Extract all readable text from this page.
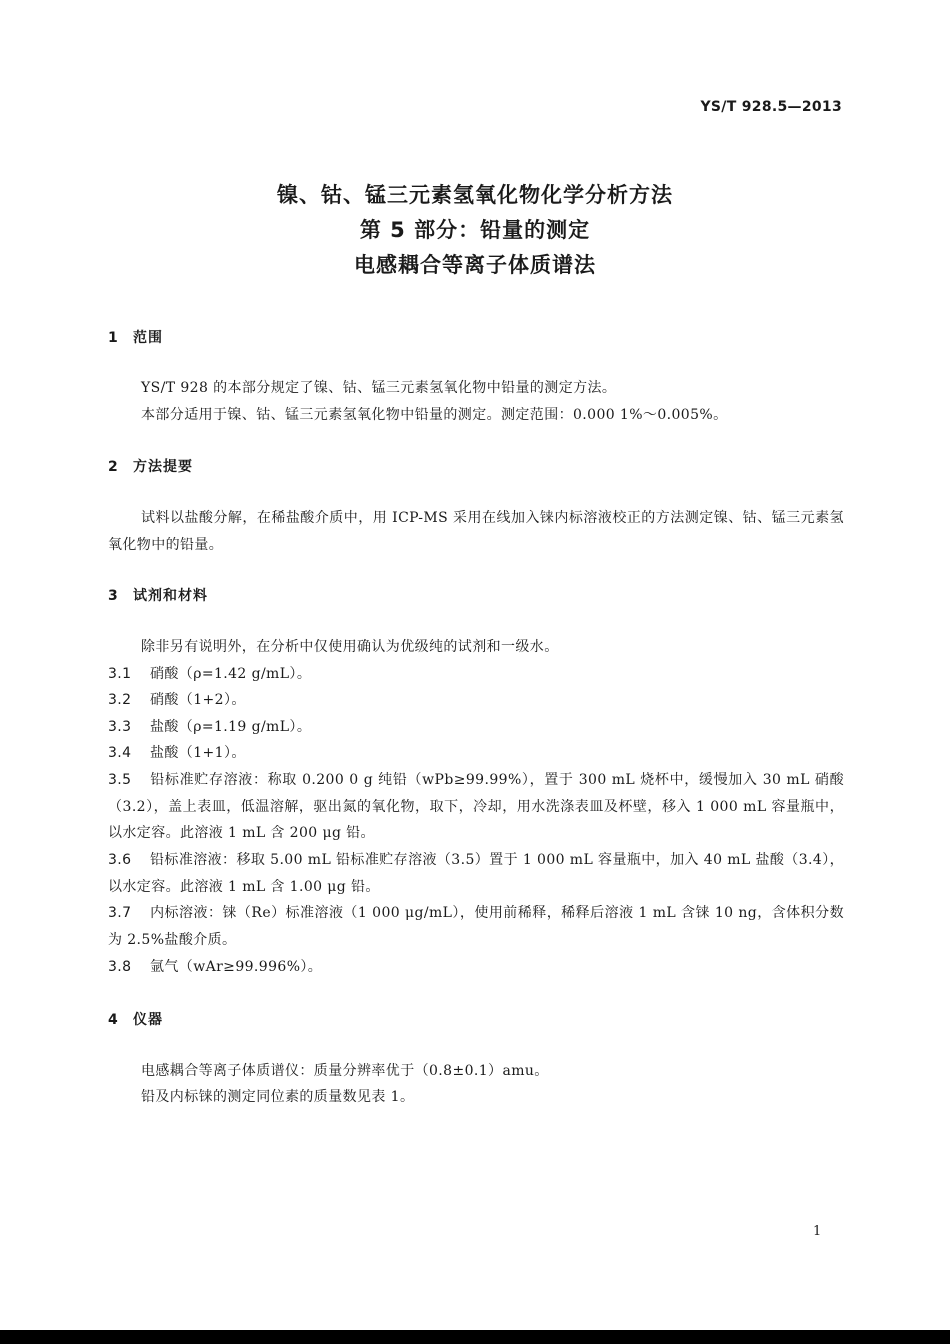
YS/T 928.5—2013
镍、钴、锰三元素氢氧化物化学分析方法
第 5 部分：铅量的测定
电感耦合等离子体质谱法
1 范围
YS/T 928 的本部分规定了镍、钴、锰三元素氢氧化物中铅量的测定方法。
本部分适用于镍、钴、锰三元素氢氧化物中铅量的测定。测定范围：0.000 1%～0.005%。
2 方法提要
试料以盐酸分解，在稀盐酸介质中，用 ICP-MS 采用在线加入铼内标溶液校正的方法测定镍、钴、锰三元素氢氧化物中的铅量。
3 试剂和材料
除非另有说明外，在分析中仅使用确认为优级纯的试剂和一级水。
3.1 硝酸（ρ=1.42 g/mL）。
3.2 硝酸（1+2）。
3.3 盐酸（ρ=1.19 g/mL）。
3.4 盐酸（1+1）。
3.5 铅标准贮存溶液：称取 0.200 0 g 纯铅（wPb≥99.99%），置于 300 mL 烧杯中，缓慢加入 30 mL 硝酸（3.2），盖上表皿，低温溶解，驱出氮的氧化物，取下，冷却，用水洗涤表皿及杯壁，移入 1 000 mL 容量瓶中，以水定容。此溶液 1 mL 含 200 μg 铅。
3.6 铅标准溶液：移取 5.00 mL 铅标准贮存溶液（3.5）置于 1 000 mL 容量瓶中，加入 40 mL 盐酸（3.4），以水定容。此溶液 1 mL 含 1.00 μg 铅。
3.7 内标溶液：铼（Re）标准溶液（1 000 μg/mL），使用前稀释，稀释后溶液 1 mL 含铼 10 ng，含体积分数为 2.5%盐酸介质。
3.8 氩气（wAr≥99.996%）。
4 仪器
电感耦合等离子体质谱仪：质量分辨率优于（0.8±0.1）amu。
铅及内标铼的测定同位素的质量数见表 1。
1
